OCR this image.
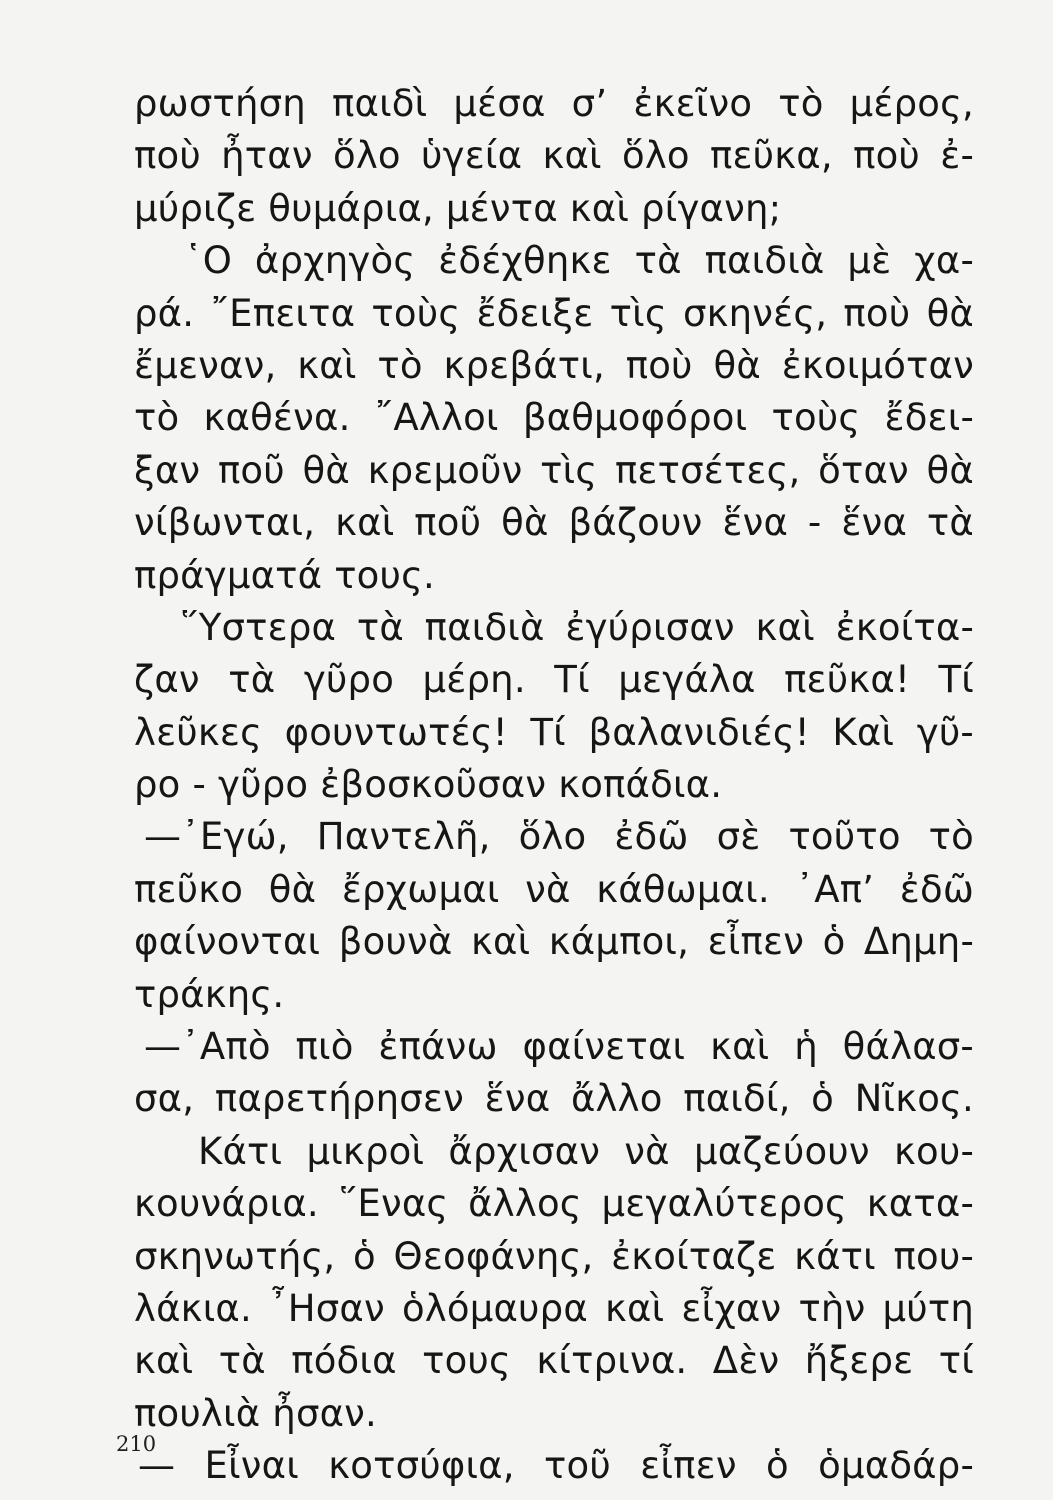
ρωστήση παιδὶ μέσα σ’ ἐκεῖνο τὸ μέρος,
ποὺ ἦταν ὅλο ὑγεία καὶ ὅλο πεῦκα, ποὺ ἐ-
μύριζε θυμάρια, μέντα καὶ ρίγανη;
῾Ο ἀρχηγὸς ἐδέχθηκε τὰ παιδιὰ μὲ χα-
ρά. ῎Επειτα τοὺς ἔδειξε τὶς σκηνές, ποὺ θὰ
ἔμεναν, καὶ τὸ κρεβάτι, ποὺ θὰ ἐκοιμόταν
τὸ καθένα. ῎Αλλοι βαθμοφόροι τοὺς ἔδει-
ξαν ποῦ θὰ κρεμοῦν τὶς πετσέτες, ὅταν θὰ
νίβωνται, καὶ ποῦ θὰ βάζουν ἕνα - ἕνα τὰ
πράγματά τους.
῞Υστερα τὰ παιδιὰ ἐγύρισαν καὶ ἐκοίτα-
ζαν τὰ γῦρο μέρη. Τί μεγάλα πεῦκα! Τί
λεῦκες φουντωτές! Τί βαλανιδιές! Καὶ γῦ-
ρο - γῦρο ἐβοσκοῦσαν κοπάδια.
—᾿Εγώ, Παντελῆ, ὅλο ἐδῶ σὲ τοῦτο τὸ
πεῦκο θὰ ἔρχωμαι νὰ κάθωμαι. ᾿Απ’ ἐδῶ
φαίνονται βουνὰ καὶ κάμποι, εἶπεν ὁ Δημη-
τράκης.
—᾿Απὸ πιὸ ἐπάνω φαίνεται καὶ ἡ θάλασ-
σα, παρετήρησεν ἕνα ἄλλο παιδί, ὁ Νῖκος.
Κάτι μικροὶ ἄρχισαν νὰ μαζεύουν κου-
κουνάρια. ῞Ενας ἄλλος μεγαλύτερος κατα-
σκηνωτής, ὁ Θεοφάνης, ἐκοίταζε κάτι που-
λάκια. ῏Ησαν ὁλόμαυρα καὶ εἶχαν τὴν μύτη
καὶ τὰ πόδια τους κίτρινα. Δὲν ἤξερε τί
πουλιὰ ἦσαν.
— Εἶναι κοτσύφια, τοῦ εἶπεν ὁ ὁμαδάρ-
210
